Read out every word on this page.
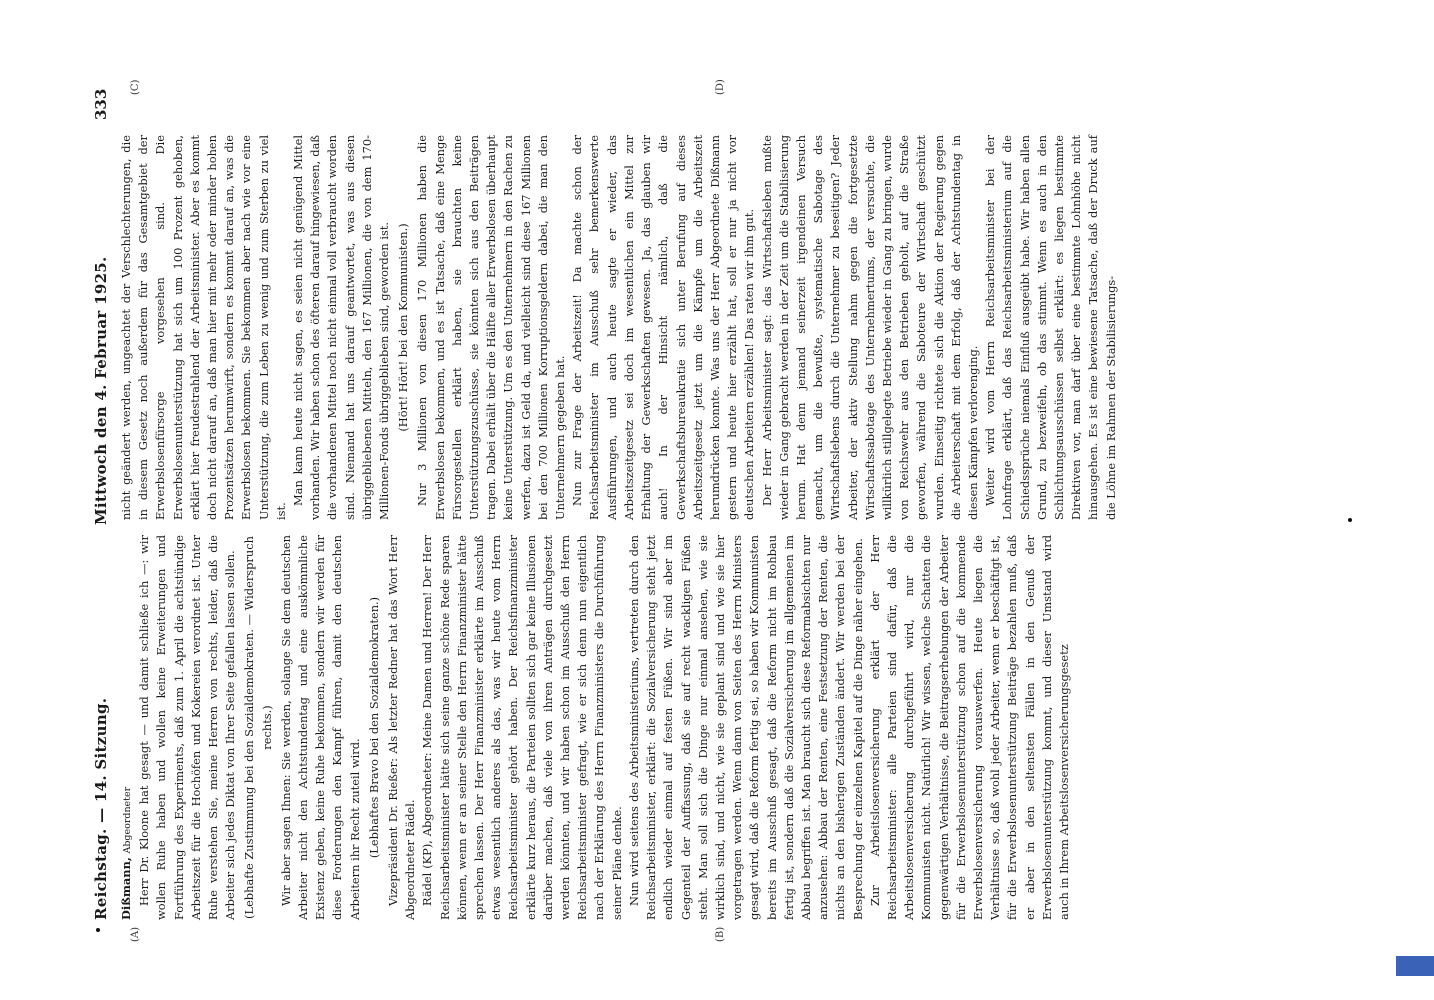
Reichstag. — 14. Sitzung.
Mittwoch den 4. Februar 1925.
333
(A)	(B)
(C)	(D)

Dißmann, Abgeordneter Herr Dr. Kloone hat gesagt — und damit schließe ich —: wir wollen Ruhe haben und wollen keine Erweiterungen und Fortführung des Experiments, daß zum 1. April die achtstündige Arbeitszeit für die Hochöfen und Kokereien verordnet ist. Unter Ruhe verstehen Sie, meine Herren von rechts, leider, daß die Arbeiter sich jedes Diktat von Ihrer Seite gefallen lassen sollen. (Lebhafte Zustimmung bei den Sozialdemokraten. — Widerspruch rechts.) Wir aber sagen Ihnen: Sie werden, solange Sie dem deutschen Arbeiter nicht den Achtstundentag und eine auskömmliche Existenz geben, keine Ruhe bekommen, sondern wir werden für diese Forderungen den Kampf führen, damit den deutschen Arbeitern ihr Recht zuteil wird. (Lebhaftes Bravo bei den Sozialdemokraten.) Vizepräsident Dr. Rießer: Als letzter Redner hat das Wort Herr Abgeordneter Rädel. Rädel (KP), Abgeordneter: Meine Damen und Herren! Der Herr Reichsarbeitsminister hätte sich seine ganze schöne Rede sparen können, wenn er an seiner Stelle den Herrn Finanzminister hätte sprechen lassen. Der Herr Finanzminister erklärte im Ausschuß etwas wesentlich anderes als das, was wir heute vom Herrn Reichsarbeitsminister gehört haben. Der Reichsfinanzminister erklärte kurz heraus, die Parteien sollten sich gar keine Illusionen darüber machen, daß viele von ihren Anträgen durchgesetzt werden könnten, und wir haben schon im Ausschuß den Herrn Reichsarbeitsminister gefragt, wie er sich denn nun eigentlich nach der Erklärung des Herrn Finanzministers die Durchführung seiner Pläne denke. Nun wird seitens des Arbeitsministeriums, vertreten durch den Reichsarbeitsminister, erklärt: die Sozialversicherung steht jetzt endlich wieder einmal auf festen Füßen. Wir sind aber im Gegenteil der Auffassung, daß sie auf recht wackligen Füßen steht. Man soll sich die Dinge nur einmal ansehen, wie sie wirklich sind, und nicht, wie sie geplant sind und wie sie hier vorgetragen werden. Wenn dann von Seiten des Herrn Ministers gesagt wird, daß die Reform fertig sei, so haben wir Kommunisten bereits im Ausschuß gesagt, daß die Reform nicht im Rohbau fertig ist, sondern daß die Sozialversicherung im allgemeinen im Abbau begriffen ist. Man braucht sich diese Reformabsichten nur anzusehen: Abbau der Renten, eine Festsetzung der Renten, die nichts an den bisherigen Zuständen ändert. Wir werden bei der Besprechung der einzelnen Kapitel auf die Dinge näher eingehen. Zur Arbeitslosenversicherung erklärt der Herr Reichsarbeitsminister: alle Parteien sind dafür, daß die Arbeitslosenversicherung durchgeführt wird, nur die Kommunisten nicht. Natürlich! Wir wissen, welche Schatten die gegenwärtigen Verhältnisse, die Beitragserhebungen der Arbeiter für die Erwerbslosenunterstützung schon auf die kommende Erwerbslosenversicherung vorauswerfen. Heute liegen die Verhältnisse so, daß wohl jeder Arbeiter, wenn er beschäftigt ist, für die Erwerbslosenunterstützung Beiträge bezahlen muß, daß er aber in den seltensten Fällen in den Genuß der Erwerbslosenunterstützung kommt, und dieser Umstand wird auch in Ihrem Arbeitslosenversicherungsgesetz

nicht geändert werden, ungeachtet der Verschlechterungen, die in diesem Gesetz noch außerdem für das Gesamtgebiet der Erwerbslosenfürsorge vorgesehen sind. Die Erwerbslosenunterstützung hat sich um 100 Prozent gehoben, erklärt hier freudestrahlend der Arbeitsminister. Aber es kommt doch nicht darauf an, daß man hier mit mehr oder minder hohen Prozentsätzen herumwirft, sondern es kommt darauf an, was die Erwerbslosen bekommen. Sie bekommen aber nach wie vor eine Unterstützung, die zum Leben zu wenig und zum Sterben zu viel ist.

Man kann heute nicht sagen, es seien nicht genügend Mittel vorhanden. Wir haben schon des öfteren darauf hingewiesen, daß die vorhandenen Mittel noch nicht einmal voll verbraucht worden sind. Niemand hat uns darauf geantwortet, was aus diesen übriggebliebenen Mitteln, den 167 Millionen, die von dem 170-Millionen-Fonds übriggeblieben sind, geworden ist. (Hört! Hört! bei den Kommunisten.) Nur 3 Millionen von diesen 170 Millionen haben die Erwerbslosen bekommen, und es ist Tatsache, daß eine Menge Fürsorgestellen erklärt haben, sie brauchten keine Unterstützungszuschüsse, sie könnten sich aus den Beiträgen tragen. Dabei erhält über die Hälfte aller Erwerbslosen überhaupt keine Unterstützung. Um es den Unternehmern in den Rachen zu werfen, dazu ist Geld da, und vielleicht sind diese 167 Millionen bei den 700 Millionen Korruptionsgeldern dabei, die man den Unternehmern gegeben hat. Nun zur Frage der Arbeitszeit! Da machte schon der Reichsarbeitsminister im Ausschuß sehr bemerkenswerte Ausführungen, und auch heute sagte er wieder, das Arbeitszeitgesetz sei doch im wesentlichen ein Mittel zur Erhaltung der Gewerkschaften gewesen. Ja, das glauben wir auch! In der Hinsicht nämlich, daß die Gewerkschaftsbureaukratie sich unter Berufung auf dieses Arbeitszeitgesetz jetzt um die Kämpfe um die Arbeitszeit herumdrücken konnte. Was uns der Herr Abgeordnete Dißmann gestern und heute hier erzählt hat, soll er nur ja nicht vor deutschen Arbeitern erzählen! Das raten wir ihm gut. Der Herr Arbeitsminister sagt: das Wirtschaftsleben mußte wieder in Gang gebracht werden in der Zeit um die Stabilisierung herum. Hat denn jemand seinerzeit irgendeinen Versuch gemacht, um die bewußte, systematische Sabotage des Wirtschaftslebens durch die Unternehmer zu beseitigen? Jeder Arbeiter, der aktiv Stellung nahm gegen die fortgesetzte Wirtschaftssabotage des Unternehmertums, der versuchte, die willkürlich stillgelegte Betriebe wieder in Gang zu bringen, wurde von Reichswehr aus den Betrieben geholt, auf die Straße geworfen, während die Saboteure der Wirtschaft geschützt wurden. Einseitig richtete sich die Aktion der Regierung gegen die Arbeiterschaft mit dem Erfolg, daß der Achtstundentag in diesen Kämpfen verlorenging. Weiter wird vom Herrn Reichsarbeitsminister bei der Lohnfrage erklärt, daß das Reichsarbeitsministerium auf die Schiedssprüche niemals Einfluß ausgeübt habe. Wir haben allen Grund, zu bezweifeln, ob das stimmt. Wenn es auch in den Schlichtungsausschüssen selbst erklärt: es liegen bestimmte Direktiven vor, man darf über eine bestimmte Lohnhöhe nicht hinausgehen. Es ist eine bewiesene Tatsache, daß der Druck auf die Löhne im Rahmen der Stabilisierungs-
